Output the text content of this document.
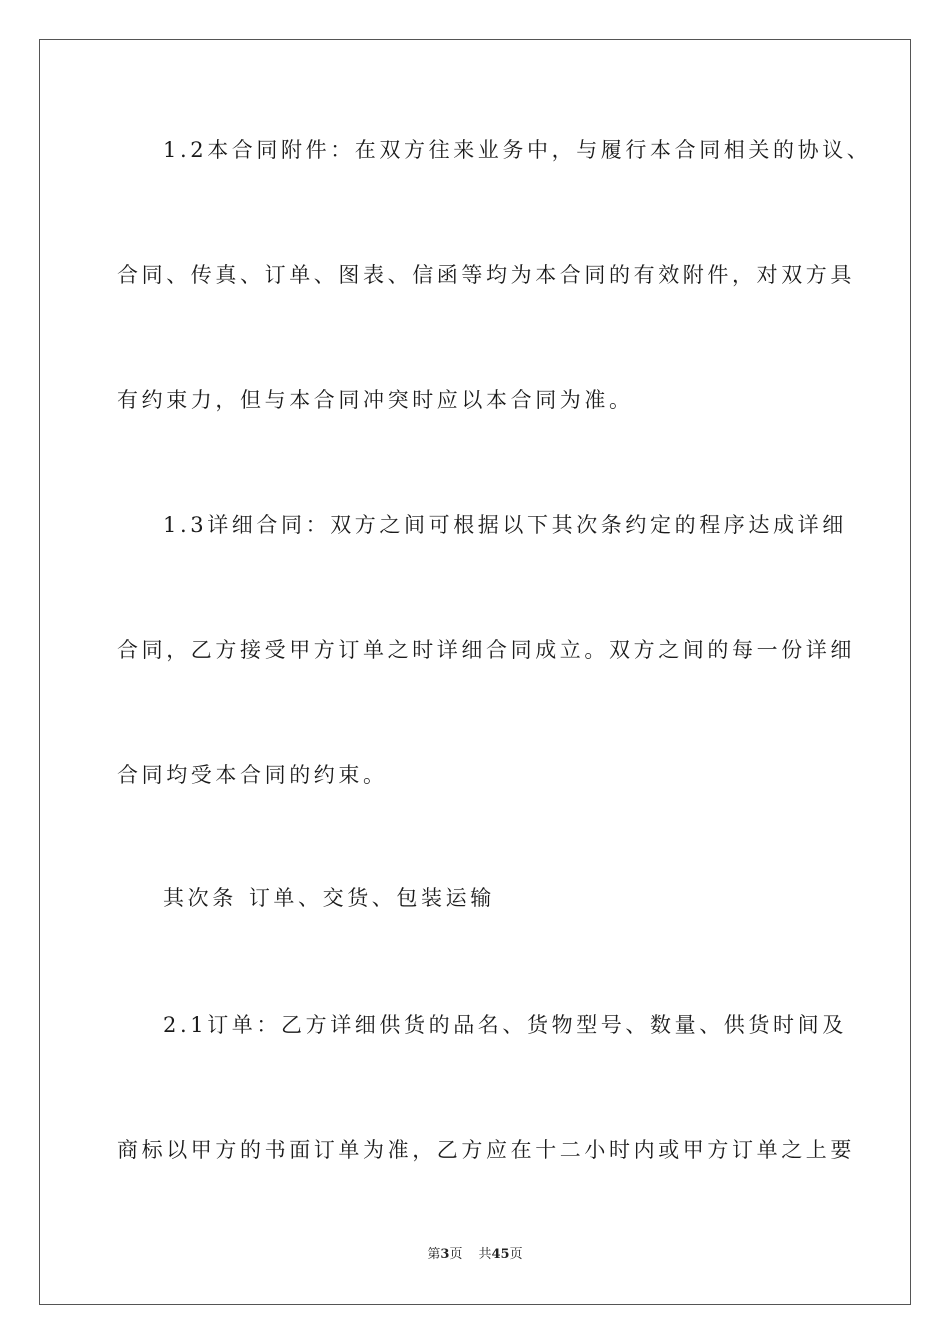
1.2本合同附件：在双方往来业务中，与履行本合同相关的协议、
合同、传真、订单、图表、信函等均为本合同的有效附件，对双方具
有约束力，但与本合同冲突时应以本合同为准。
1.3详细合同：双方之间可根据以下其次条约定的程序达成详细
合同，乙方接受甲方订单之时详细合同成立。双方之间的每一份详细
合同均受本合同的约束。
其次条 订单、交货、包装运输
2.1订单：乙方详细供货的品名、货物型号、数量、供货时间及
商标以甲方的书面订单为准，乙方应在十二小时内或甲方订单之上要
第3页 共45页
